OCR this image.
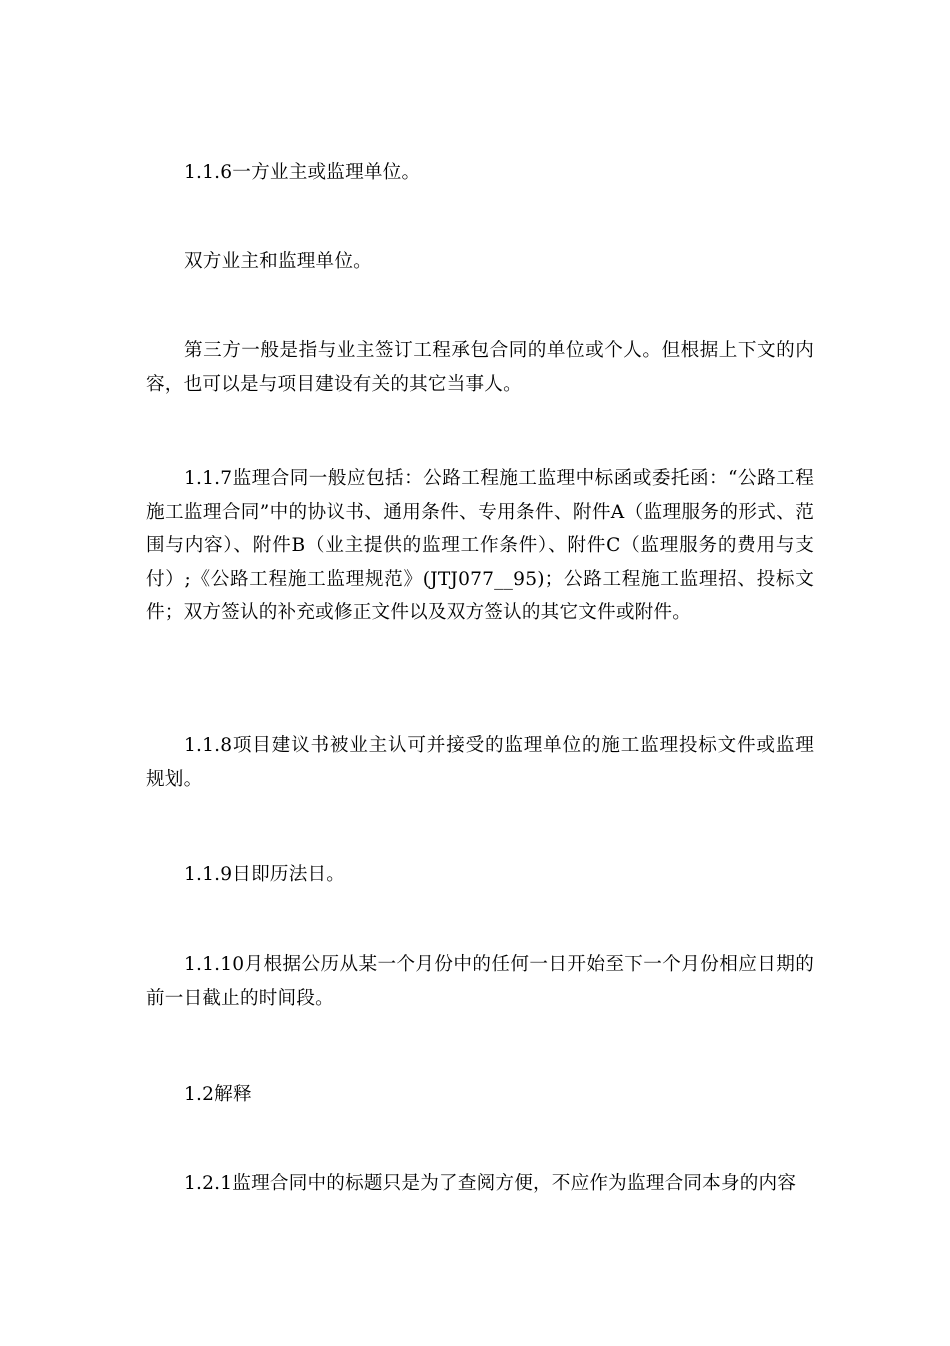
1.1.6一方业主或监理单位。

双方业主和监理单位。

第三方一般是指与业主签订工程承包合同的单位或个人。但根据上下文的内容，也可以是与项目建设有关的其它当事人。

1.1.7监理合同一般应包括：公路工程施工监理中标函或委托函：“公路工程施工监理合同”中的协议书、通用条件、专用条件、附件A（监理服务的形式、范围与内容）、附件B（业主提供的监理工作条件）、附件C（监理服务的费用与支付）;《公路工程施工监理规范》(JTJ077__95)；公路工程施工监理招、投标文件；双方签认的补充或修正文件以及双方签认的其它文件或附件。

1.1.8项目建议书被业主认可并接受的监理单位的施工监理投标文件或监理规划。

1.1.9日即历法日。

1.1.10月根据公历从某一个月份中的任何一日开始至下一个月份相应日期的前一日截止的时间段。

1.2解释

1.2.1监理合同中的标题只是为了查阅方便，不应作为监理合同本身的内容
